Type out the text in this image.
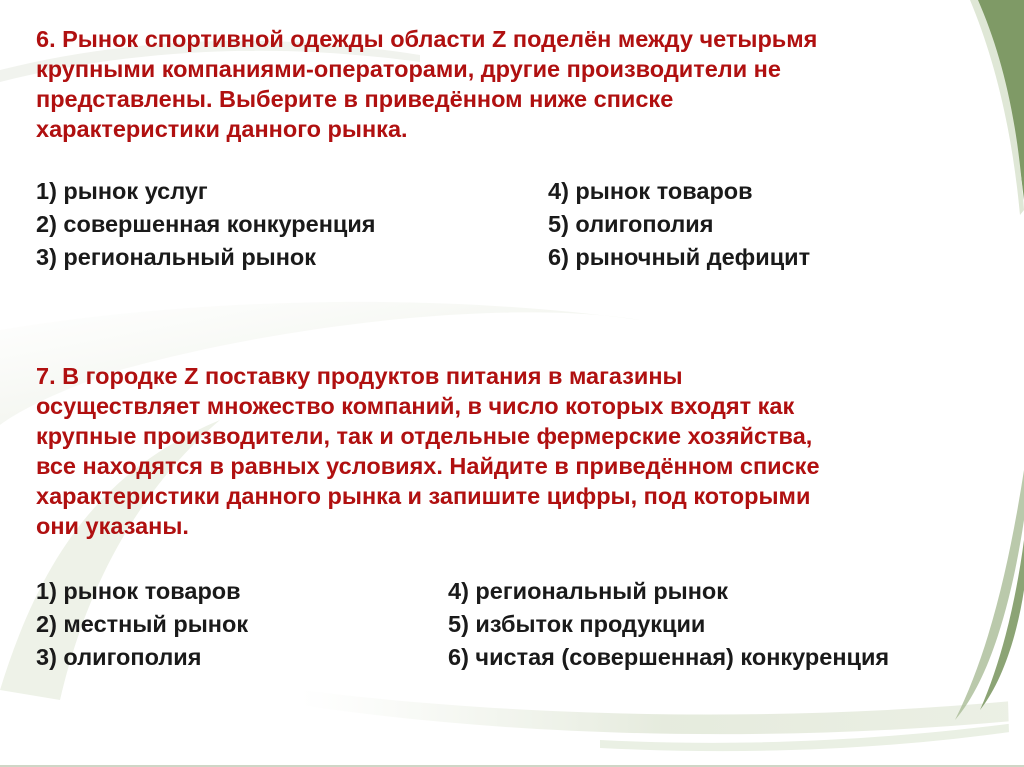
6. Рынок спортивной одежды области Z поделён между четырьмя
крупными компаниями-операторами, другие производители не
представлены. Выберите в приведённом ниже списке
характеристики данного рынка.

1) рынок услуг
2) совершенная конкуренция
3) региональный рынок
4) рынок товаров
5) олигополия
6) рыночный дефицит

7. В городке Z поставку продуктов питания в магазины
осуществляет множество компаний, в число которых входят как
крупные производители, так и отдельные фермерские хозяйства,
все находятся в равных условиях. Найдите в приведённом списке
характеристики данного рынка и запишите цифры, под которыми
они указаны.

1) рынок товаров
2) местный рынок
3) олигополия
4) региональный рынок
5) избыток продукции
6) чистая (совершенная) конкуренция
